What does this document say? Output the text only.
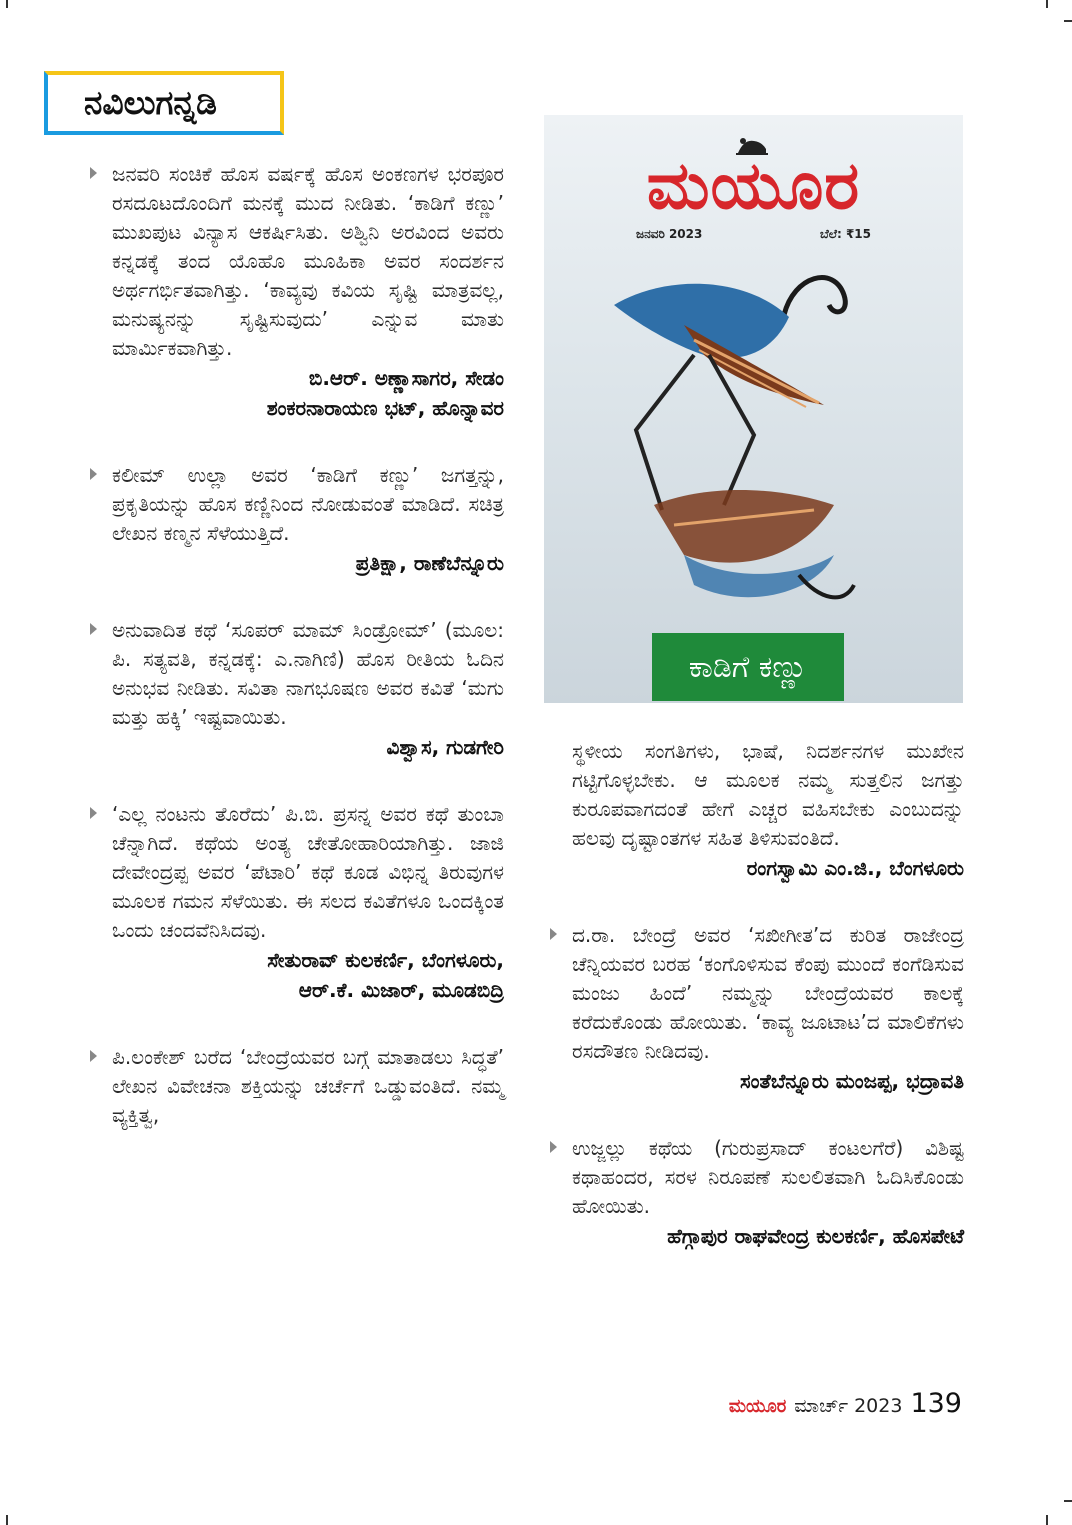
ನವಿಲುಗನ್ನಡಿ

ಜನವರಿ ಸಂಚಿಕೆ ಹೊಸ ವರ್ಷಕ್ಕೆ ಹೊಸ ಅಂಕಣಗಳ ಭರಪೂರ ರಸದೂಟದೊಂದಿಗೆ ಮನಕ್ಕೆ ಮುದ ನೀಡಿತು. ‘ಕಾಡಿಗೆ ಕಣ್ಣು’ ಮುಖಪುಟ ವಿನ್ಯಾಸ ಆಕರ್ಷಿಸಿತು. ಅಶ್ವಿನಿ ಅರವಿಂದ ಅವರು ಕನ್ನಡಕ್ಕೆ ತಂದ ಯೊಹೊ ಮೂಹಿಕಾ ಅವರ ಸಂದರ್ಶನ ಅರ್ಥಗರ್ಭಿತವಾಗಿತ್ತು. ‘ಕಾವ್ಯವು ಕವಿಯ ಸೃಷ್ಟಿ ಮಾತ್ರವಲ್ಲ, ಮನುಷ್ಯನನ್ನು ಸೃಷ್ಟಿಸುವುದು’ ಎನ್ನುವ ಮಾತು ಮಾರ್ಮಿಕವಾಗಿತ್ತು.

ಬಿ.ಆರ್. ಅಣ್ಣಾಸಾಗರ, ಸೇಡಂ
ಶಂಕರನಾರಾಯಣ ಭಟ್, ಹೊನ್ನಾವರ

ಕಲೀಮ್ ಉಲ್ಲಾ ಅವರ ‘ಕಾಡಿಗೆ ಕಣ್ಣು’ ಜಗತ್ತನ್ನು, ಪ್ರಕೃತಿಯನ್ನು ಹೊಸ ಕಣ್ಣಿನಿಂದ ನೋಡುವಂತೆ ಮಾಡಿದೆ. ಸಚಿತ್ರ ಲೇಖನ ಕಣ್ಮನ ಸೆಳೆಯುತ್ತಿದೆ.

ಪ್ರತಿಕ್ಷಾ, ರಾಣೆಬೆನ್ನೂರು

ಅನುವಾದಿತ ಕಥೆ ‘ಸೂಪರ್ ಮಾಮ್ ಸಿಂಡ್ರೋಮ್’ (ಮೂಲ: ಪಿ. ಸತ್ಯವತಿ, ಕನ್ನಡಕ್ಕೆ: ಎ.ನಾಗಿಣಿ) ಹೊಸ ರೀತಿಯ ಓದಿನ ಅನುಭವ ನೀಡಿತು. ಸವಿತಾ ನಾಗಭೂಷಣ ಅವರ ಕವಿತೆ ‘ಮಗು ಮತ್ತು ಹಕ್ಕಿ’ ಇಷ್ಟವಾಯಿತು.

ವಿಶ್ವಾಸ, ಗುಡಗೇರಿ

‘ಎಲ್ಲ ನಂಟನು ತೊರೆದು’ ಪಿ.ಬಿ. ಪ್ರಸನ್ನ ಅವರ ಕಥೆ ತುಂಬಾ ಚೆನ್ನಾಗಿದೆ. ಕಥೆಯ ಅಂತ್ಯ ಚೇತೋಹಾರಿಯಾಗಿತ್ತು. ಜಾಜಿ ದೇವೇಂದ್ರಪ್ಪ ಅವರ ‘ಪೆಟಾರಿ’ ಕಥೆ ಕೂಡ ವಿಭಿನ್ನ ತಿರುವುಗಳ ಮೂಲಕ ಗಮನ ಸೆಳೆಯಿತು. ಈ ಸಲದ ಕವಿತೆಗಳೂ ಒಂದಕ್ಕಿಂತ ಒಂದು ಚಂದವೆನಿಸಿದವು.

ಸೇತುರಾವ್ ಕುಲಕರ್ಣಿ, ಬೆಂಗಳೂರು,
ಆರ್.ಕೆ. ಮಿಜಾರ್, ಮೂಡಬಿದ್ರಿ

ಪಿ.ಲಂಕೇಶ್ ಬರೆದ ‘ಬೇಂದ್ರೆಯವರ ಬಗ್ಗೆ ಮಾತಾಡಲು ಸಿದ್ಧತೆ’ ಲೇಖನ ವಿವೇಚನಾ ಶಕ್ತಿಯನ್ನು ಚರ್ಚೆಗೆ ಒಡ್ಡುವಂತಿದೆ. ನಮ್ಮ ವ್ಯಕ್ತಿತ್ವ,

ಮಯೂರ
ಜನವರಿ 2023	ಬೆಲೆ: ₹15
ಕಾಡಿಗೆ ಕಣ್ಣು

ಸ್ಥಳೀಯ ಸಂಗತಿಗಳು, ಭಾಷೆ, ನಿದರ್ಶನಗಳ ಮುಖೇನ ಗಟ್ಟಿಗೊಳ್ಳಬೇಕು. ಆ ಮೂಲಕ ನಮ್ಮ ಸುತ್ತಲಿನ ಜಗತ್ತು ಕುರೂಪವಾಗದಂತೆ ಹೇಗೆ ಎಚ್ಚರ ವಹಿಸಬೇಕು ಎಂಬುದನ್ನು ಹಲವು ದೃಷ್ಟಾಂತಗಳ ಸಹಿತ ತಿಳಿಸುವಂತಿದೆ.

ರಂಗಸ್ವಾಮಿ ಎಂ.ಜಿ., ಬೆಂಗಳೂರು

ದ.ರಾ. ಬೇಂದ್ರೆ ಅವರ ‘ಸಖೀಗೀತ’ದ ಕುರಿತ ರಾಜೇಂದ್ರ ಚೆನ್ನಿಯವರ ಬರಹ ‘ಕಂಗೊಳಿಸುವ ಕೆಂಪು ಮುಂದೆ ಕಂಗೆಡಿಸುವ ಮಂಜು ಹಿಂದೆ’ ನಮ್ಮನ್ನು ಬೇಂದ್ರೆಯವರ ಕಾಲಕ್ಕೆ ಕರೆದುಕೊಂಡು ಹೋಯಿತು. ‘ಕಾವ್ಯ ಜೂಟಾಟ’ದ ಮಾಲಿಕೆಗಳು ರಸದೌತಣ ನೀಡಿದವು.

ಸಂತೆಬೆನ್ನೂರು ಮಂಜಪ್ಪ, ಭದ್ರಾವತಿ

ಉಜ್ಜಲ್ಲು ಕಥೆಯ (ಗುರುಪ್ರಸಾದ್ ಕಂಟಲಗೆರೆ) ವಿಶಿಷ್ಟ ಕಥಾಹಂದರ, ಸರಳ ನಿರೂಪಣೆ ಸುಲಲಿತವಾಗಿ ಓದಿಸಿಕೊಂಡು ಹೋಯಿತು.

ಹೆಗ್ಗಾಪುರ ರಾಘವೇಂದ್ರ ಕುಲಕರ್ಣಿ, ಹೊಸಪೇಟೆ
ಮಯೂರ ಮಾರ್ಚ್ 2023 139
